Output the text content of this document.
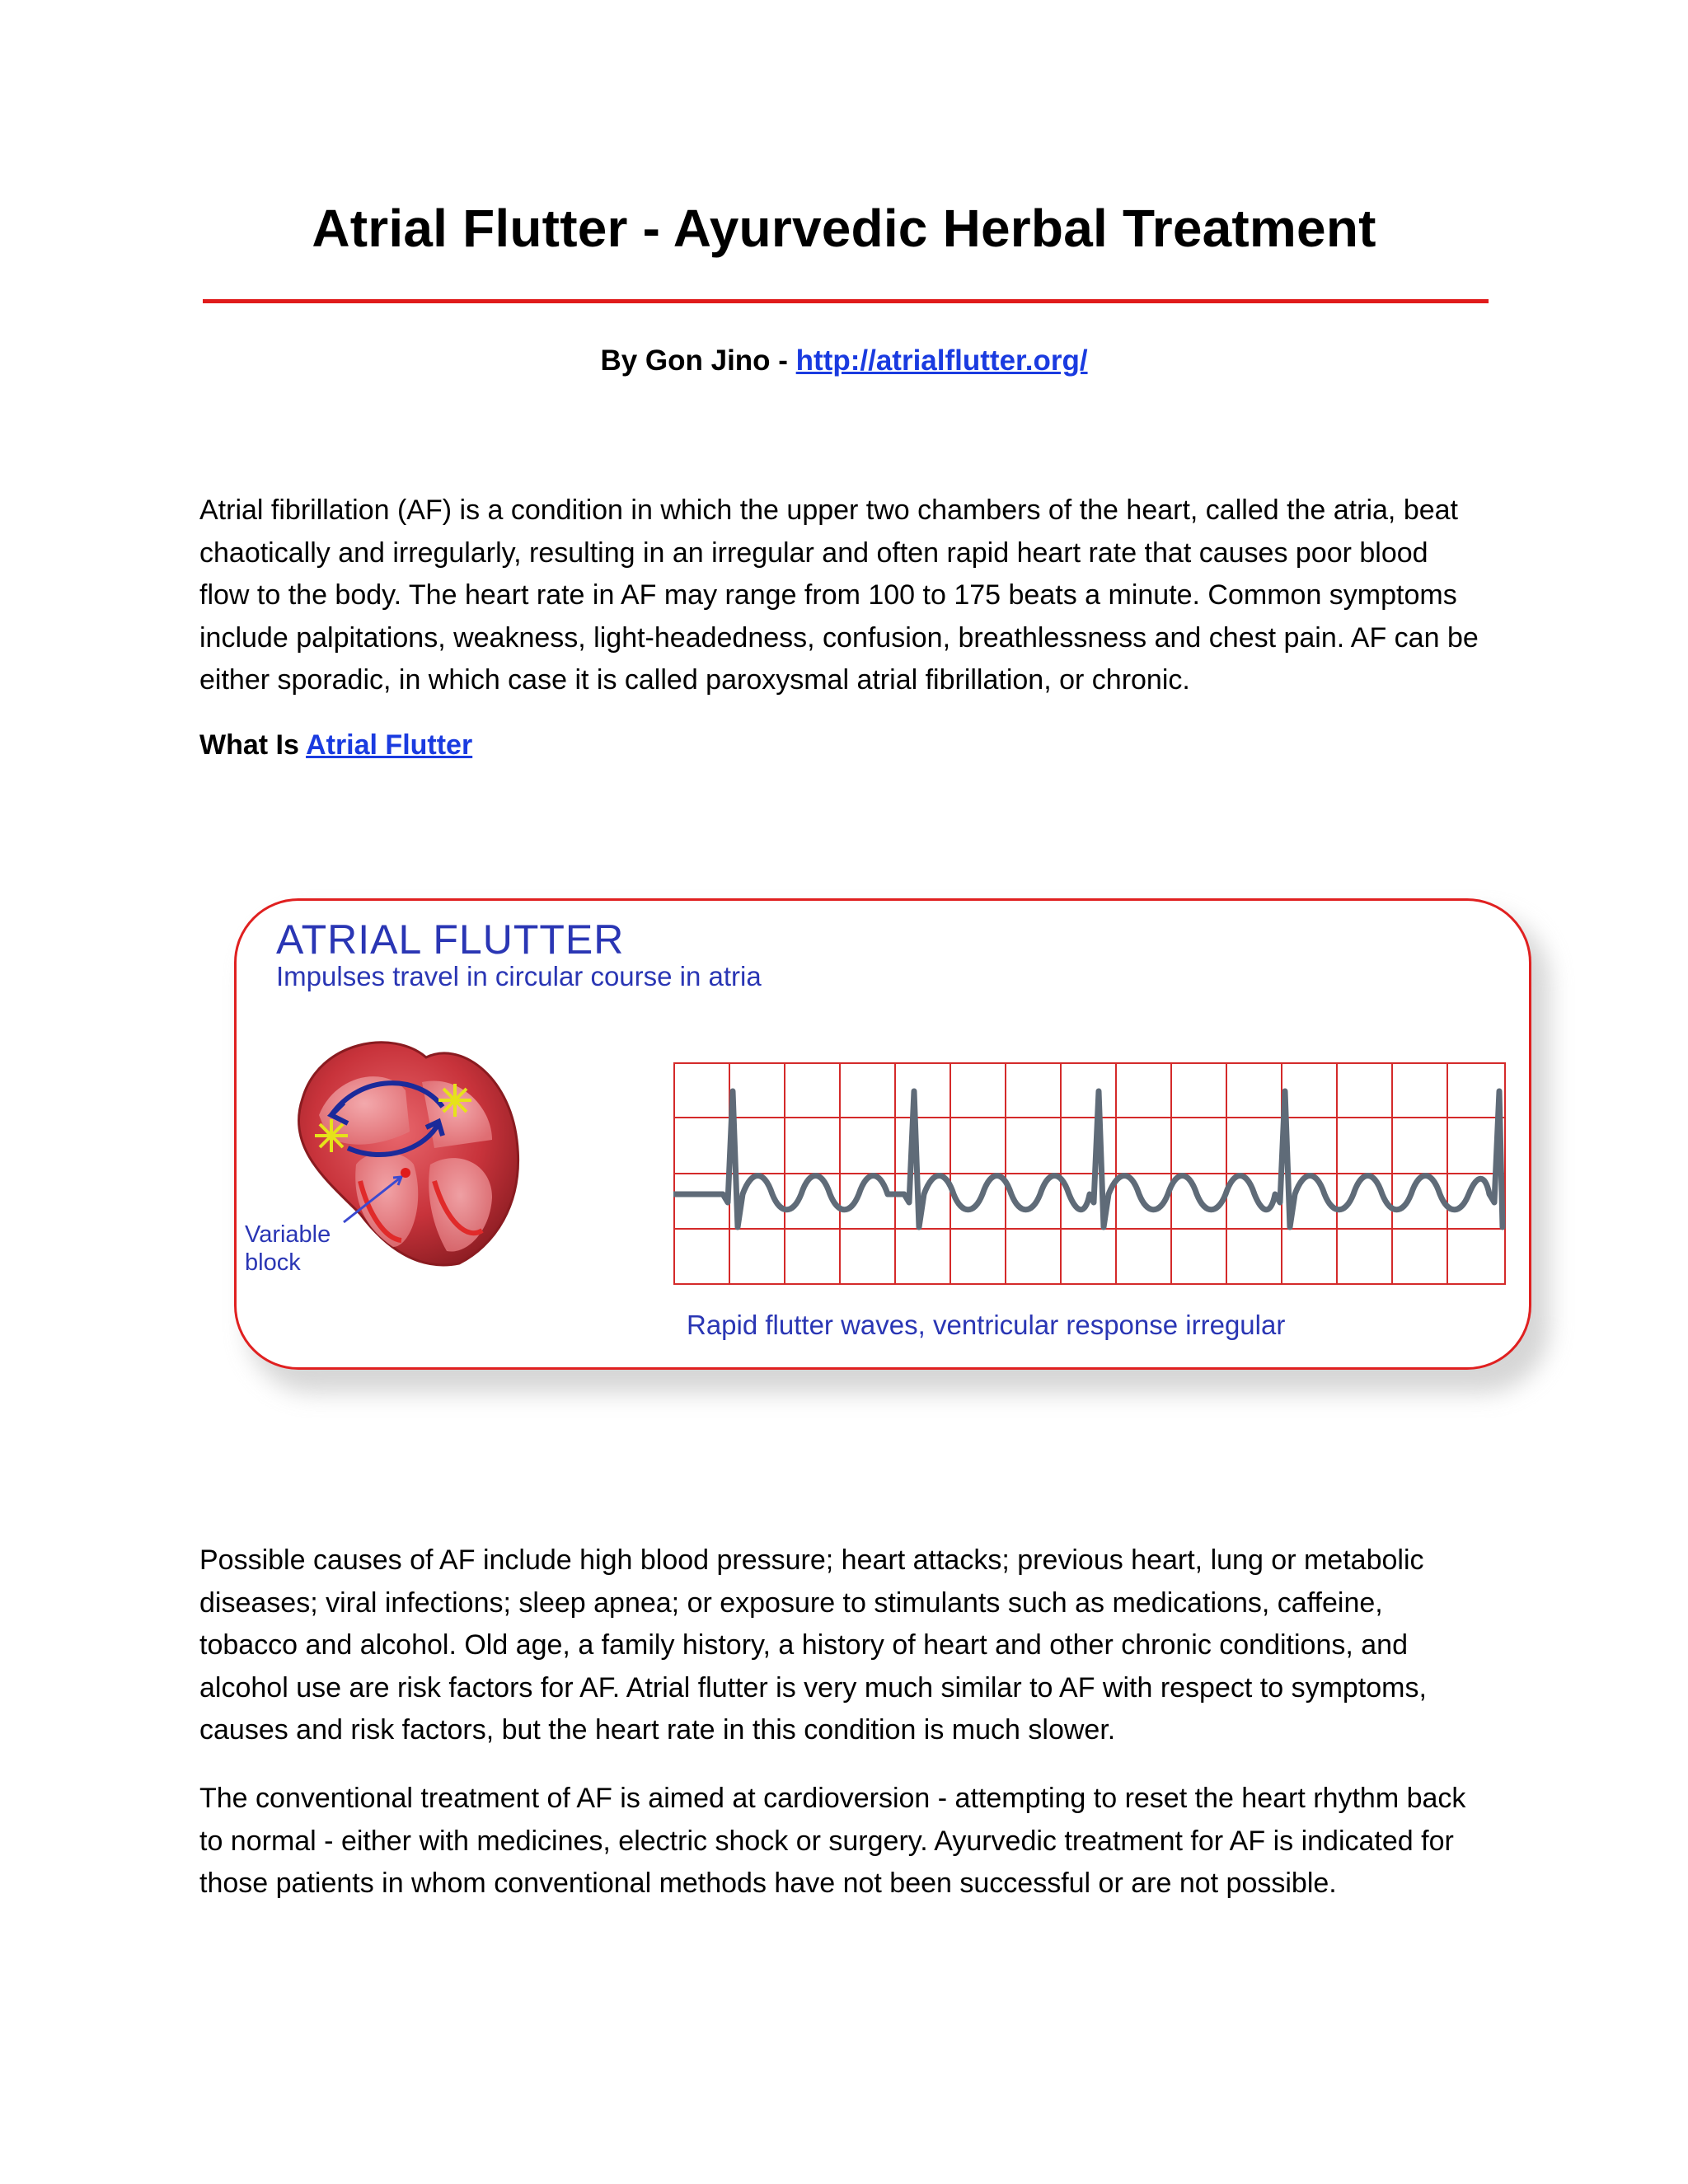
Atrial Flutter - Ayurvedic Herbal Treatment
By Gon Jino - http://atrialflutter.org/

Atrial fibrillation (AF) is a condition in which the upper two chambers of the heart, called the atria, beat chaotically and irregularly, resulting in an irregular and often rapid heart rate that causes poor blood flow to the body. The heart rate in AF may range from 100 to 175 beats a minute. Common symptoms include palpitations, weakness, light-headedness, confusion, breathlessness and chest pain. AF can be either sporadic, in which case it is called paroxysmal atrial fibrillation, or chronic.

What Is Atrial Flutter
ATRIAL FLUTTER
Impulses travel in circular course in atria
Variable
block
Rapid flutter waves, ventricular response irregular

Possible causes of AF include high blood pressure; heart attacks; previous heart, lung or metabolic diseases; viral infections; sleep apnea; or exposure to stimulants such as medications, caffeine, tobacco and alcohol. Old age, a family history, a history of heart and other chronic conditions, and alcohol use are risk factors for AF. Atrial flutter is very much similar to AF with respect to symptoms, causes and risk factors, but the heart rate in this condition is much slower.

The conventional treatment of AF is aimed at cardioversion - attempting to reset the heart rhythm back to normal - either with medicines, electric shock or surgery. Ayurvedic treatment for AF is indicated for those patients in whom conventional methods have not been successful or are not possible.
